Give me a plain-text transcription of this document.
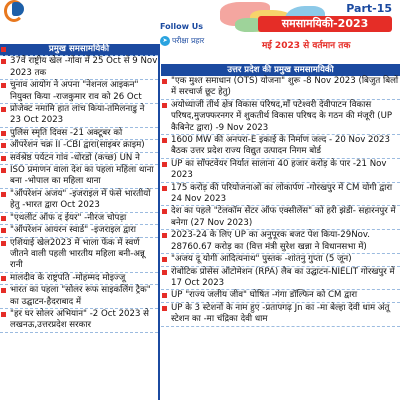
Part-15
समसामयिकी-2023
मई 2023 से वर्तमान तक
Follow Us
➤ परीक्षा प्रहार
उत्तर प्रदेश की प्रमुख समसामयिकी
प्रमुख समसामयिकी
37वें राष्ट्रीय खेल -गोवा में 25 Oct से 9 Nov 2023 तक
चुनाव आयोग ने अपना "नेशनल आइकन" नियुक्त किया -राजकुमार राव को 26 Oct
प्रोजेक्ट नमामि हात लांच किया-तमिलनाडु ने 23 Oct 2023
पुलिस स्मृति दिवस -21 अक्टूबर को
ऑपरेशन चक्र II -CBI द्वारा(साइबर क्राइम)
सर्वश्रेष्ठ पर्यटन गांव -धोरडो (कच्छ) UN ने
ISO प्रमाणन वाला देश का पहला महिला थाना बना -भोपाल का महिला थाना
"ऑपरेशन अजय" -इजराइल में फंसे भारतीयों हेतु -भारत द्वारा Oct 2023
"एथलीट ऑफ द ईयर" -नीरज चोपड़ा
"ऑपरेशन आयरन स्वार्ड" -इजराइल द्वारा
एशियाई खेल2023 में भाला फेंक में स्वर्ण जीतने वाली पहली भारतीय महिला बनी-अन्नू रानी
मालदीव के राष्ट्रपति -मोहम्मद मोइज्जू
भारत का पहला "सोलर रूफ साइकलिंग ट्रैक" का उद्घाटन-हैदराबाद में
"हर घर सोलर अभियान" -2 Oct 2023 से लखनऊ,उत्तरप्रदेश सरकार
"एक मुश्त समाधान (OTS) योजना" शुरू -8 Nov 2023 (बिजुत बिलों में सरचार्ज छूट हेतु)
अयोध्याजी तीर्थ क्षेत्र विकास परिषद,माँ पटेश्वरी देवीपाटन विकास परिषद,मुजफ्फरनगर में शुकतीर्थ विकास परिषद के गठन की मंजूरी (UP कैबिनेट द्वारा) -9 Nov 2023
1600 MW की अनपरा-E इकाई के निर्माण जल्द - 20 Nov 2023 बैठक उत्तर प्रदेश राज्य विद्युत उत्पादन निगम बोर्ड
UP का सॉफ्टवेयर निर्यात सालाना 40 हजार करोड़ के पार -21 Nov 2023
175 करोड़ की परियोजनाओं का लोकार्पण -गोरखपुर में CM योगी द्वारा 24 Nov 2023
देश का पहले "टेलकॉम सेंटर ऑफ एक्सीलेंस" को हरी झंडी- सहारनपुर में बनेगा (27 Nov 2023)
2023-24 के लिए UP का अनुपूरक बजट पेश किया-29Nov. 28760.67 करोड़ का (वित्त मंत्री सुरेश खन्ना ने विधानसभा में)
"अजय दू योगी आदित्यनाथ" पुस्तक -शांतनु गुप्ता (5 जून)
रोबोटिक प्रोसेस ऑटोमेशन (RPA) लैब का उद्घाटन-NIELIT गोरखपुर में 17 Oct 2023
UP "राज्य जलीय जीव" घोषित -गंगा डॉल्फिन को CM द्वारा
UP के 3 स्टेशनों के नाम हुए -प्रतापगढ़ Jn का -मा बेल्हा देवी धाम अंतू स्टेशन का -मा चंद्रिका देवी धाम
